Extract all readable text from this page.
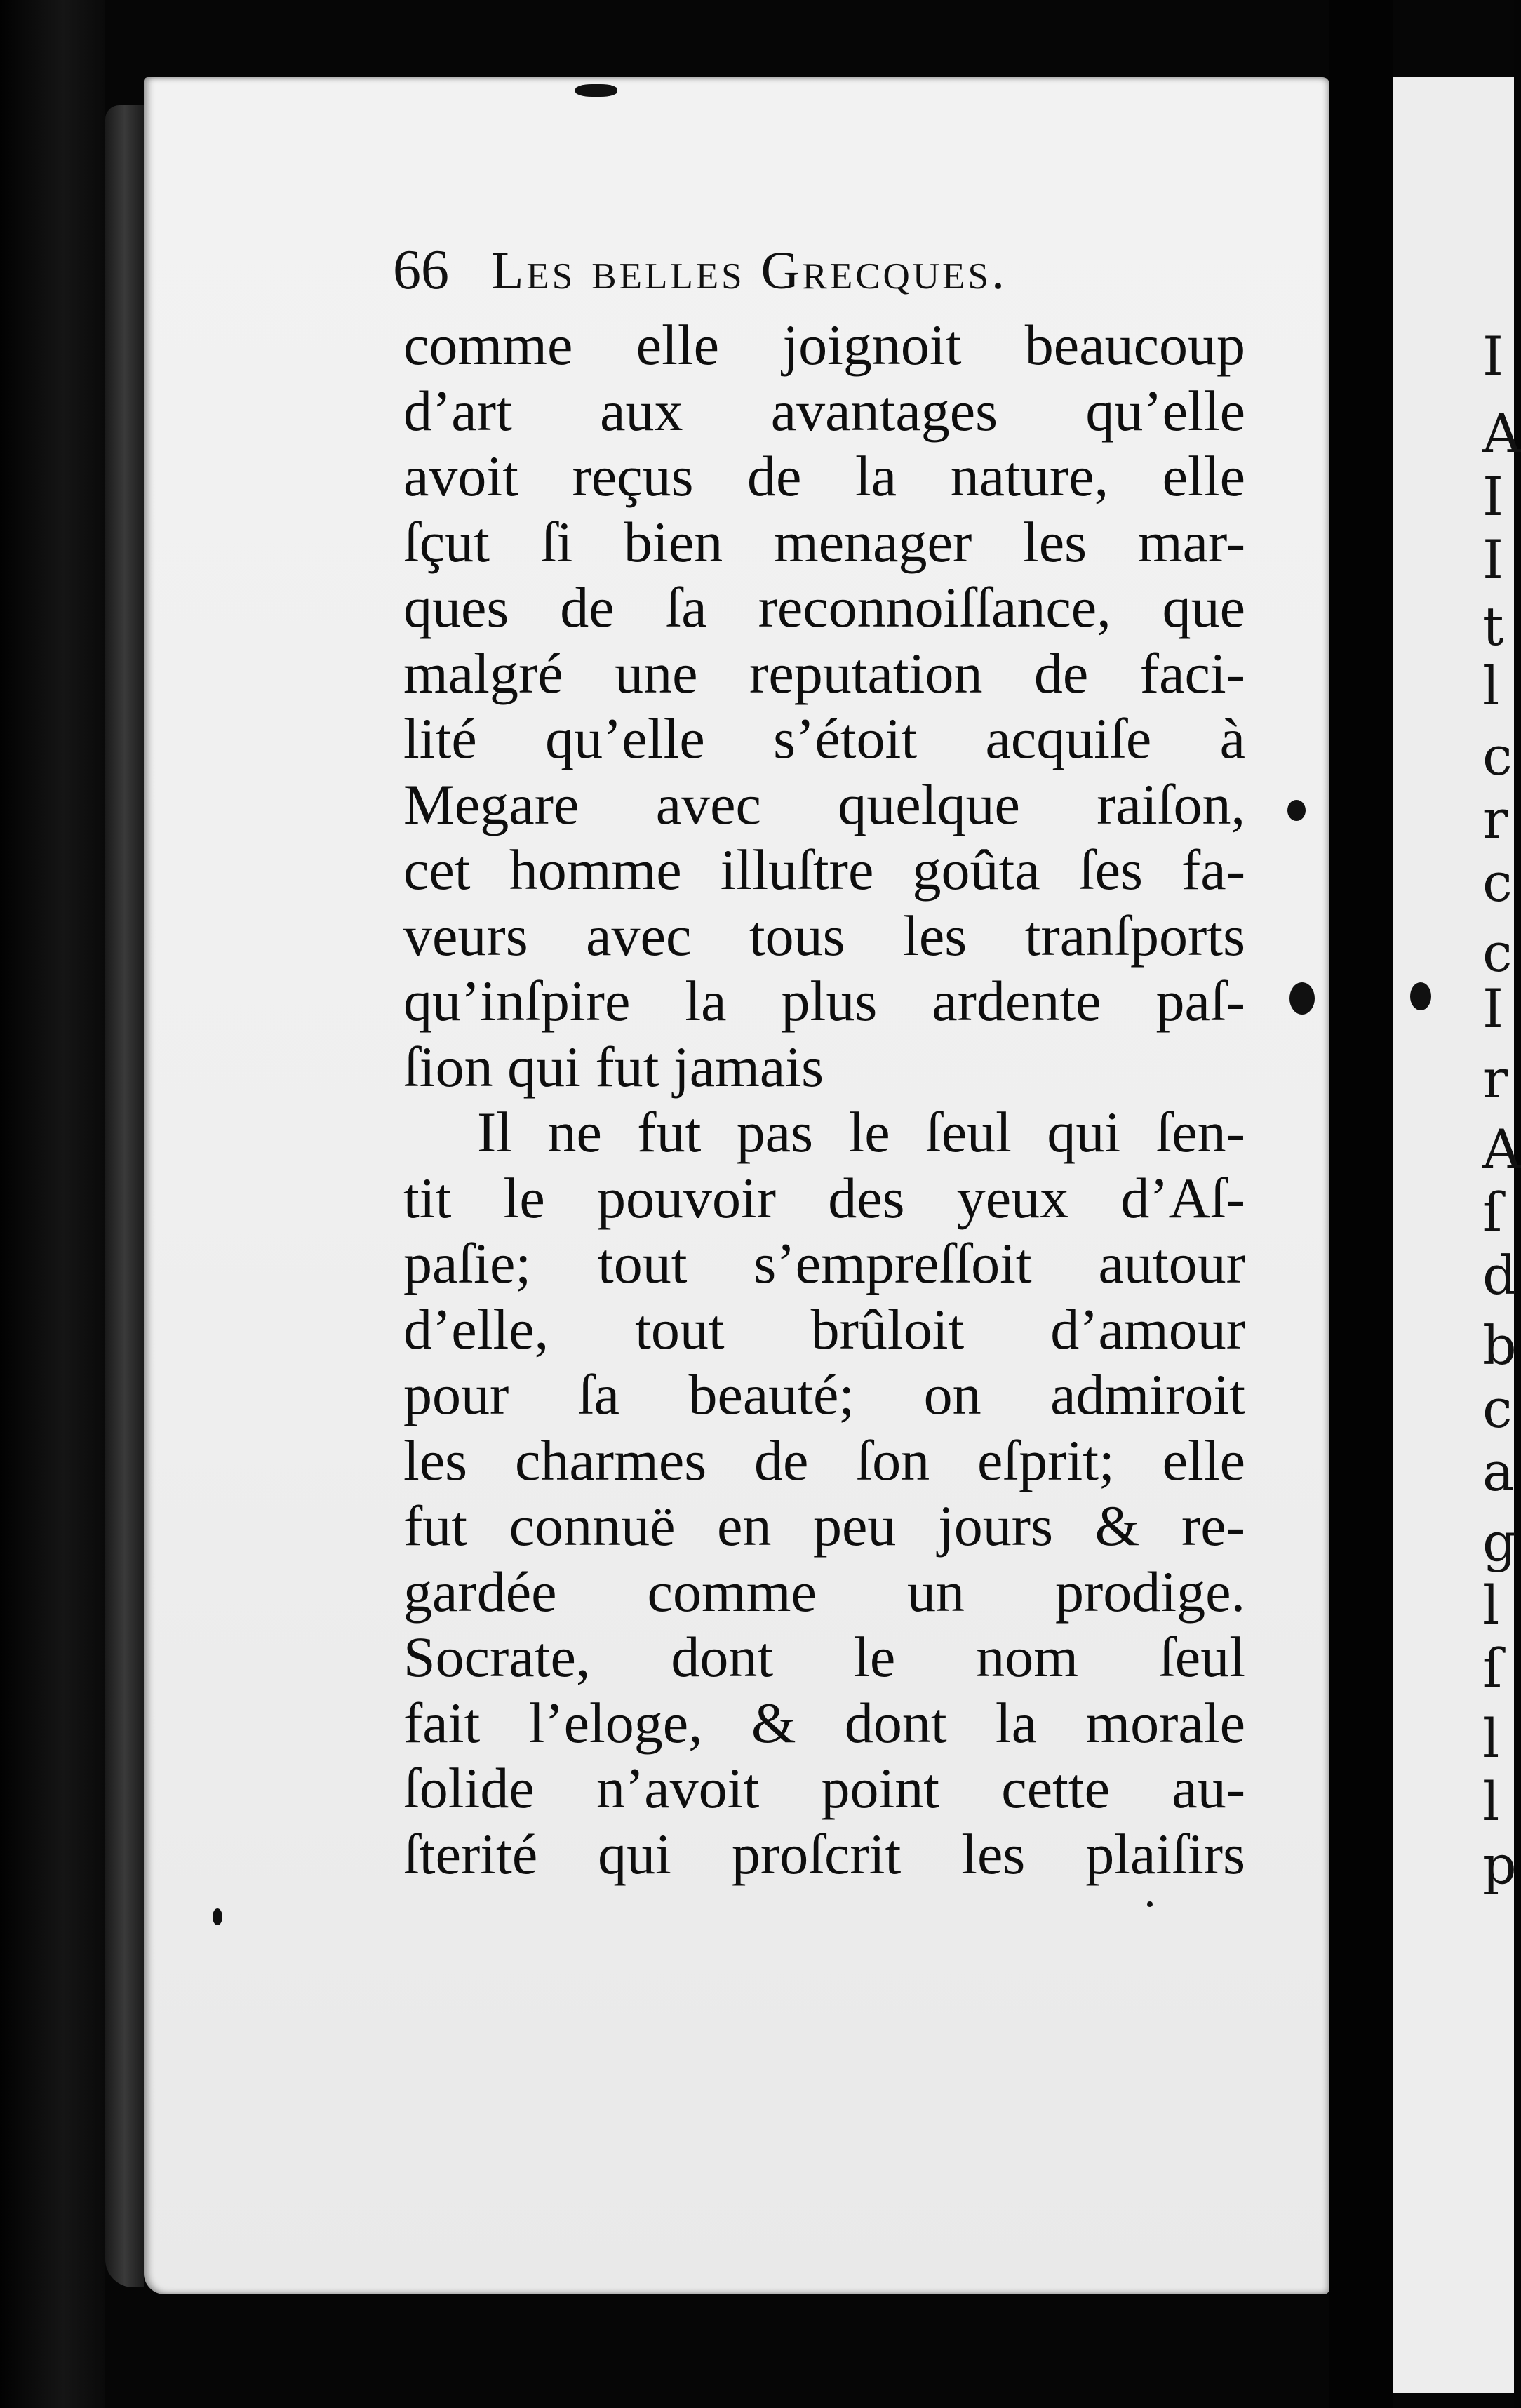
66 Les belles Grecques.
comme elle joignoit beaucoup
d’art aux avantages qu’elle
avoit reçus de la nature, elle
ſçut ſi bien menager les mar-
ques de ſa reconnoiſſance, que
malgré une reputation de faci-
lité qu’elle s’étoit acquiſe à
Megare avec quelque raiſon,
cet homme illuſtre goûta ſes fa-
veurs avec tous les tranſports
qu’inſpire la plus ardente paſ-
ſion qui fut jamais
Il ne fut pas le ſeul qui ſen-
tit le pouvoir des yeux d’Aſ-
paſie; tout s’empreſſoit autour
d’elle, tout brûloit d’amour
pour ſa beauté; on admiroit
les charmes de ſon eſprit; elle
fut connuë en peu jours & re-
gardée comme un prodige.
Socrate, dont le nom ſeul
fait l’eloge, & dont la morale
ſolide n’avoit point cette au-
ſterité qui proſcrit les plaiſirs
I
A
I
I
t
l
c
r
c
c
I
r
A
ſ
d
b
c
a
g
l
ſ
l
l
p
